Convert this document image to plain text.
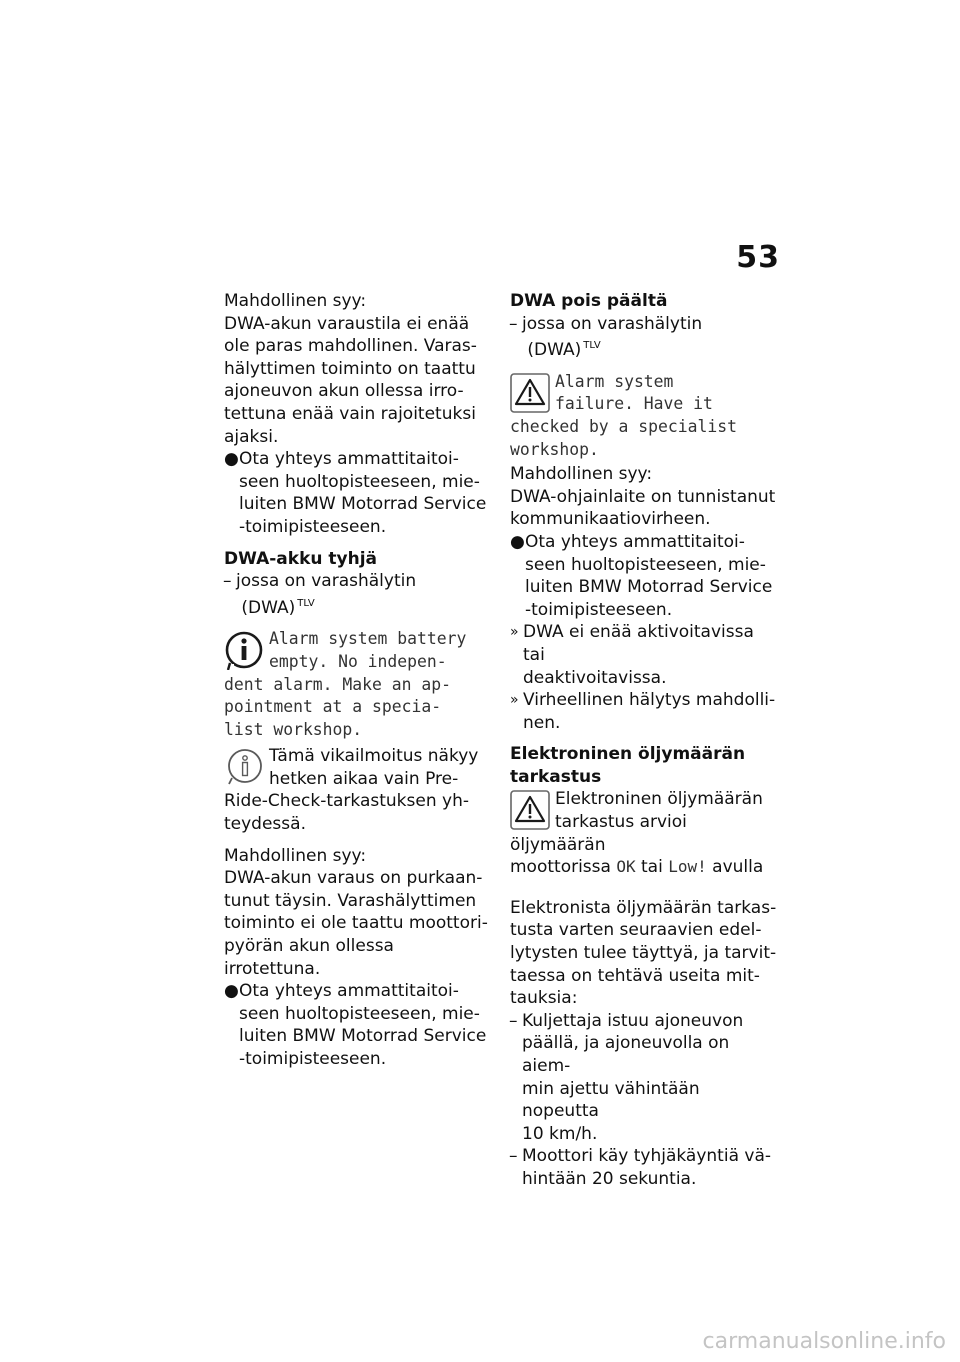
53

Mahdollinen syy:

DWA-akun varaustila ei enää
ole paras mahdollinen. Varas-
hälyttimen toiminto on taattu
ajoneuvon akun ollessa irro-
tettuna enää vain rajoitetuksi
ajaksi.

● Ota yhteys ammattitaitoi-
seen huoltopisteeseen, mie-
luiten BMW Motorrad Service
-toimipisteeseen.

DWA-akku tyhjä

– jossa on varashälytin
(DWA) $^{TLV}$

Alarm system battery
empty. No indepen-
dent alarm. Make an ap-
pointment at a specia-
list workshop.
Tämä vikailmoitus näkyy
hetken aikaa vain Pre-
Ride-Check-tarkastuksen yh-
teydessä.

Mahdollinen syy:

DWA-akun varaus on purkaan-
tunut täysin. Varashälyttimen
toiminto ei ole taattu moottori-
pyörän akun ollessa irrotettuna.

● Ota yhteys ammattitaitoi-
seen huoltopisteeseen, mie-
luiten BMW Motorrad Service
-toimipisteeseen.

DWA pois päältä

– jossa on varashälytin
(DWA) $^{TLV}$

Alarm system
failure. Have it
checked by a specialist
workshop.

Mahdollinen syy:

DWA-ohjainlaite on tunnistanut
kommunikaatiovirheen.

● Ota yhteys ammattitaitoi-
seen huoltopisteeseen, mie-
luiten BMW Motorrad Service
-toimipisteeseen.

» DWA ei enää aktivoitavissa tai
deaktivoitavissa.

» Virheellinen hälytys mahdolli-
nen.

Elektroninen öljymäärän
tarkastus

Elektroninen öljymäärän
tarkastus arvioi öljymäärän
moottorissa OK tai Low! avulla

Elektronista öljymäärän tarkas-
tusta varten seuraavien edel-
lytysten tulee täyttyä, ja tarvit-
taessa on tehtävä useita mit-
tauksia:

– Kuljettaja istuu ajoneuvon
päällä, ja ajoneuvolla on aiem-
min ajettu vähintään nopeutta
10 km/h.

– Moottori käy tyhjäkäyntiä vä-
hintään 20 sekuntia.

carmanualsonline.info
